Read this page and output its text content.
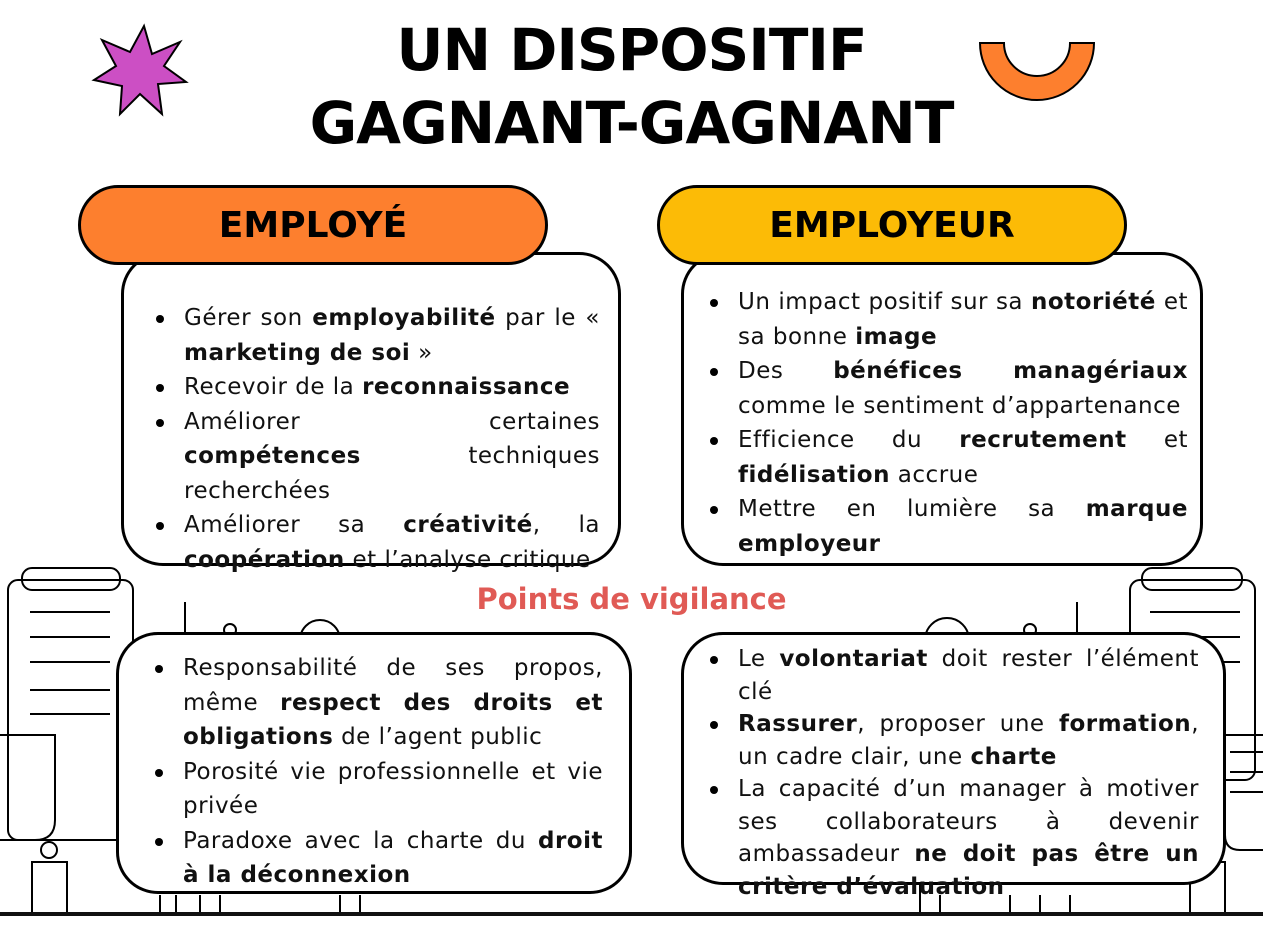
UN DISPOSITIF
GAGNANT-GAGNANT
Gérer son employabilité par le « marketing de soi »
Recevoir de la reconnaissance
Améliorer certaines compétences techniques recherchées
Améliorer sa créativité, la coopération et l’analyse critique
EMPLOYÉ
Un impact positif sur sa notoriété et sa bonne image
Des bénéfices managériaux comme le sentiment d’appartenance
Efficience du recrutement et fidélisation accrue
Mettre en lumière sa marque employeur
EMPLOYEUR

Points de vigilance

Responsabilité de ses propos, même respect des droits et obligations de l’agent public
Porosité vie professionnelle et vie privée
Paradoxe avec la charte du droit à la déconnexion
Le volontariat doit rester l’élément clé
Rassurer, proposer une formation, un cadre clair, une charte
La capacité d’un manager à motiver ses collaborateurs à devenir ambassadeur ne doit pas être un critère d’évaluation
